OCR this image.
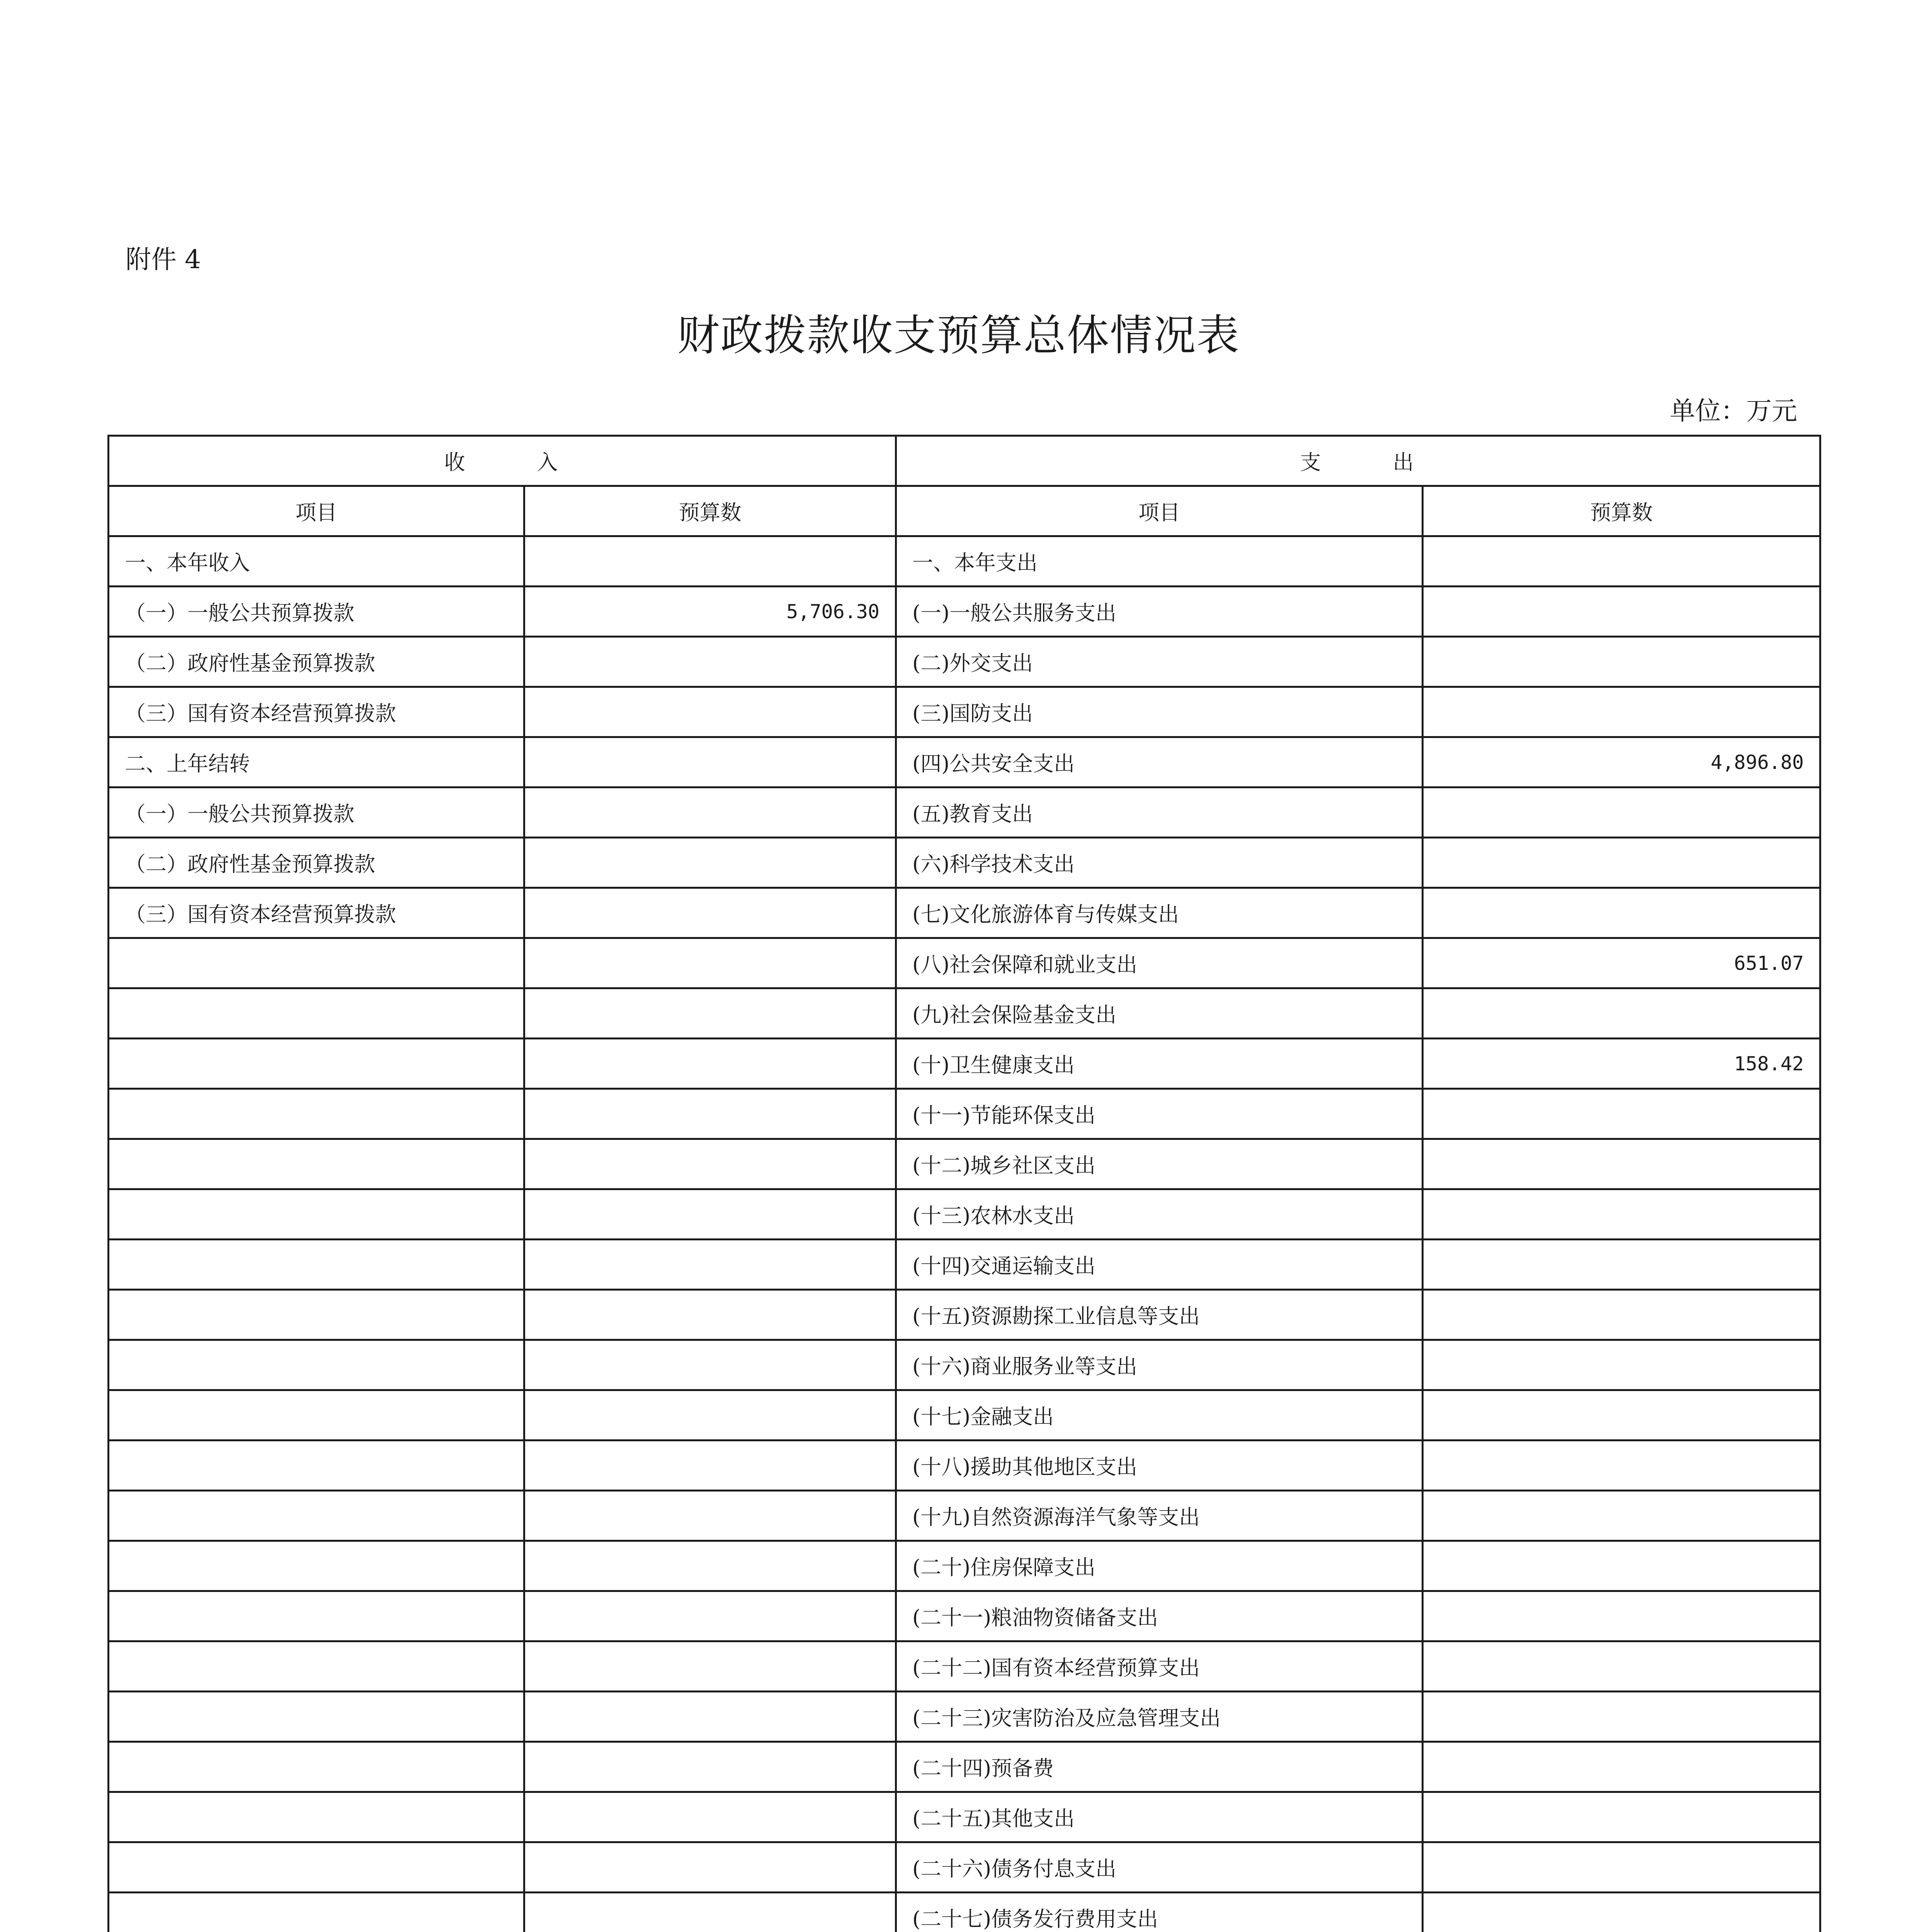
附件 4
财政拨款收支预算总体情况表
单位：万元
收　　　入		支　　　出	
项目	预算数	项目	预算数
一、本年收入		一、本年支出	
（一）一般公共预算拨款	5,706.30	(一)一般公共服务支出	
（二）政府性基金预算拨款		(二)外交支出	
（三）国有资本经营预算拨款		(三)国防支出	
二、上年结转		(四)公共安全支出	4,896.80
（一）一般公共预算拨款		(五)教育支出	
（二）政府性基金预算拨款		(六)科学技术支出	
（三）国有资本经营预算拨款		(七)文化旅游体育与传媒支出	
		(八)社会保障和就业支出	651.07
		(九)社会保险基金支出	
		(十)卫生健康支出	158.42
		(十一)节能环保支出	
		(十二)城乡社区支出	
		(十三)农林水支出	
		(十四)交通运输支出	
		(十五)资源勘探工业信息等支出	
		(十六)商业服务业等支出	
		(十七)金融支出	
		(十八)援助其他地区支出	
		(十九)自然资源海洋气象等支出	
		(二十)住房保障支出	
		(二十一)粮油物资储备支出	
		(二十二)国有资本经营预算支出	
		(二十三)灾害防治及应急管理支出	
		(二十四)预备费	
		(二十五)其他支出	
		(二十六)债务付息支出	
		(二十七)债务发行费用支出	
